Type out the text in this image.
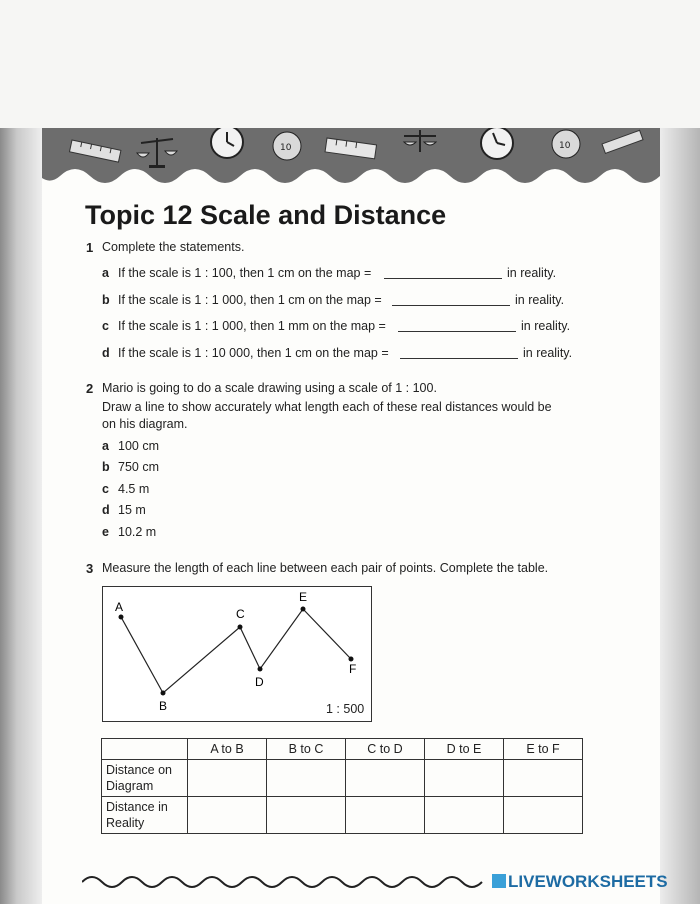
10	10
Topic 12 Scale and Distance
1 Complete the statements.
a If the scale is 1 : 100, then 1 cm on the map =	in reality.
b If the scale is 1 : 1 000, then 1 cm on the map =	in reality.
c If the scale is 1 : 1 000, then 1 mm on the map =	in reality.
d If the scale is 1 : 10 000, then 1 cm on the map =	in reality.
2 Mario is going to do a scale drawing using a scale of 1 : 100.
Draw a line to show accurately what length each of these real distances would be
on his diagram.
a 100 cm
b 750 cm
c 4.5 m
d 15 m
e 10.2 m
3 Measure the length of each line between each pair of points. Complete the table.
A
B
C
D
E
F
1 : 500
	A to B	B to C	C to D	D to E	E to F
Distance on
Diagram					
Distance in
Reality					
LIVEWORKSHEETS
